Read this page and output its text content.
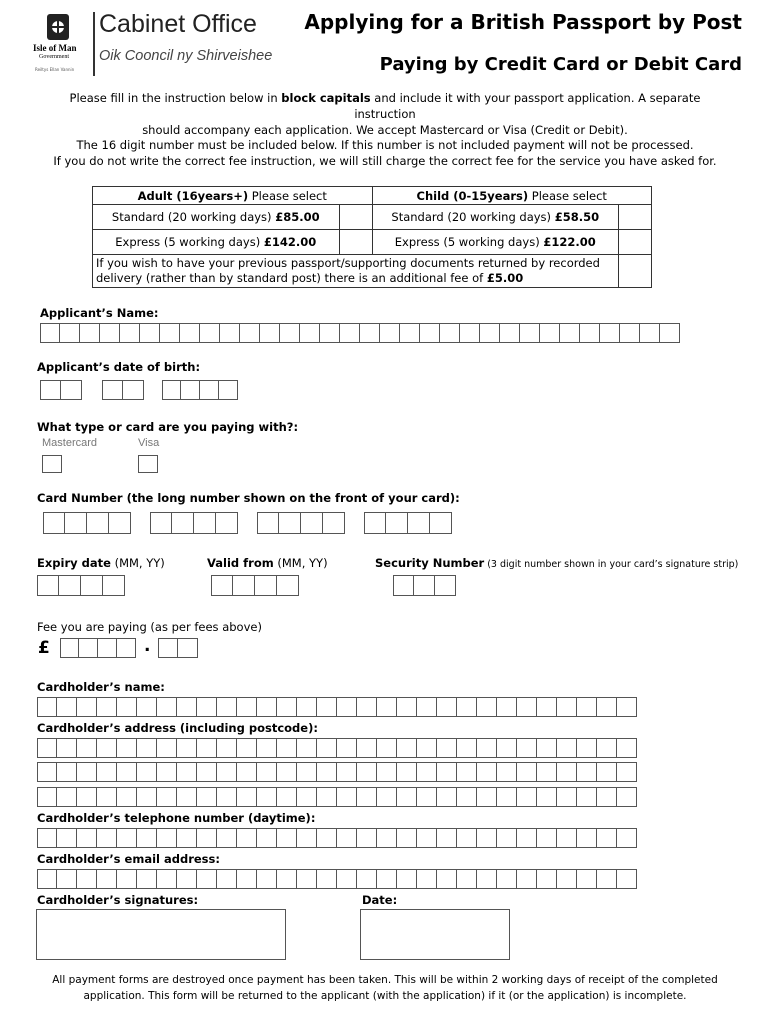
Isle of Man
Government
Reiltys Ellan Vannin
Cabinet Office
Oik Cooncil ny Shirveishee
Applying for a British Passport by Post
Paying by Credit Card or Debit Card
Please fill in the instruction below in block capitals and include it with your passport application. A separate instruction
should accompany each application. We accept Mastercard or Visa (Credit or Debit).
The 16 digit number must be included below. If this number is not included payment will not be processed.
If you do not write the correct fee instruction, we will still charge the correct fee for the service you have asked for.
Adult (16years+) Please select		Child (0-15years) Please select	
Standard (20 working days) £85.00		Standard (20 working days) £58.50	
Express (5 working days) £142.00		Express (5 working days) £122.00	

If you wish to have your previous passport/supporting documents returned by recorded
delivery (rather than by standard post) there is an additional fee of £5.00			

Applicant’s Name:
Applicant’s date of birth:
What type or card are you paying with?:
Mastercard	Visa
Card Number (the long number shown on the front of your card):
Expiry date (MM, YY)	Valid from (MM, YY)	Security Number (3 digit number shown in your card’s signature strip)
Fee you are paying (as per fees above)
£	.
Cardholder’s name:
Cardholder’s address (including postcode):
Cardholder’s telephone number (daytime):
Cardholder’s email address:
Cardholder’s signatures:	Date:
All payment forms are destroyed once payment has been taken. This will be within 2 working days of receipt of the completed
application. This form will be returned to the applicant (with the application) if it (or the application) is incomplete.
